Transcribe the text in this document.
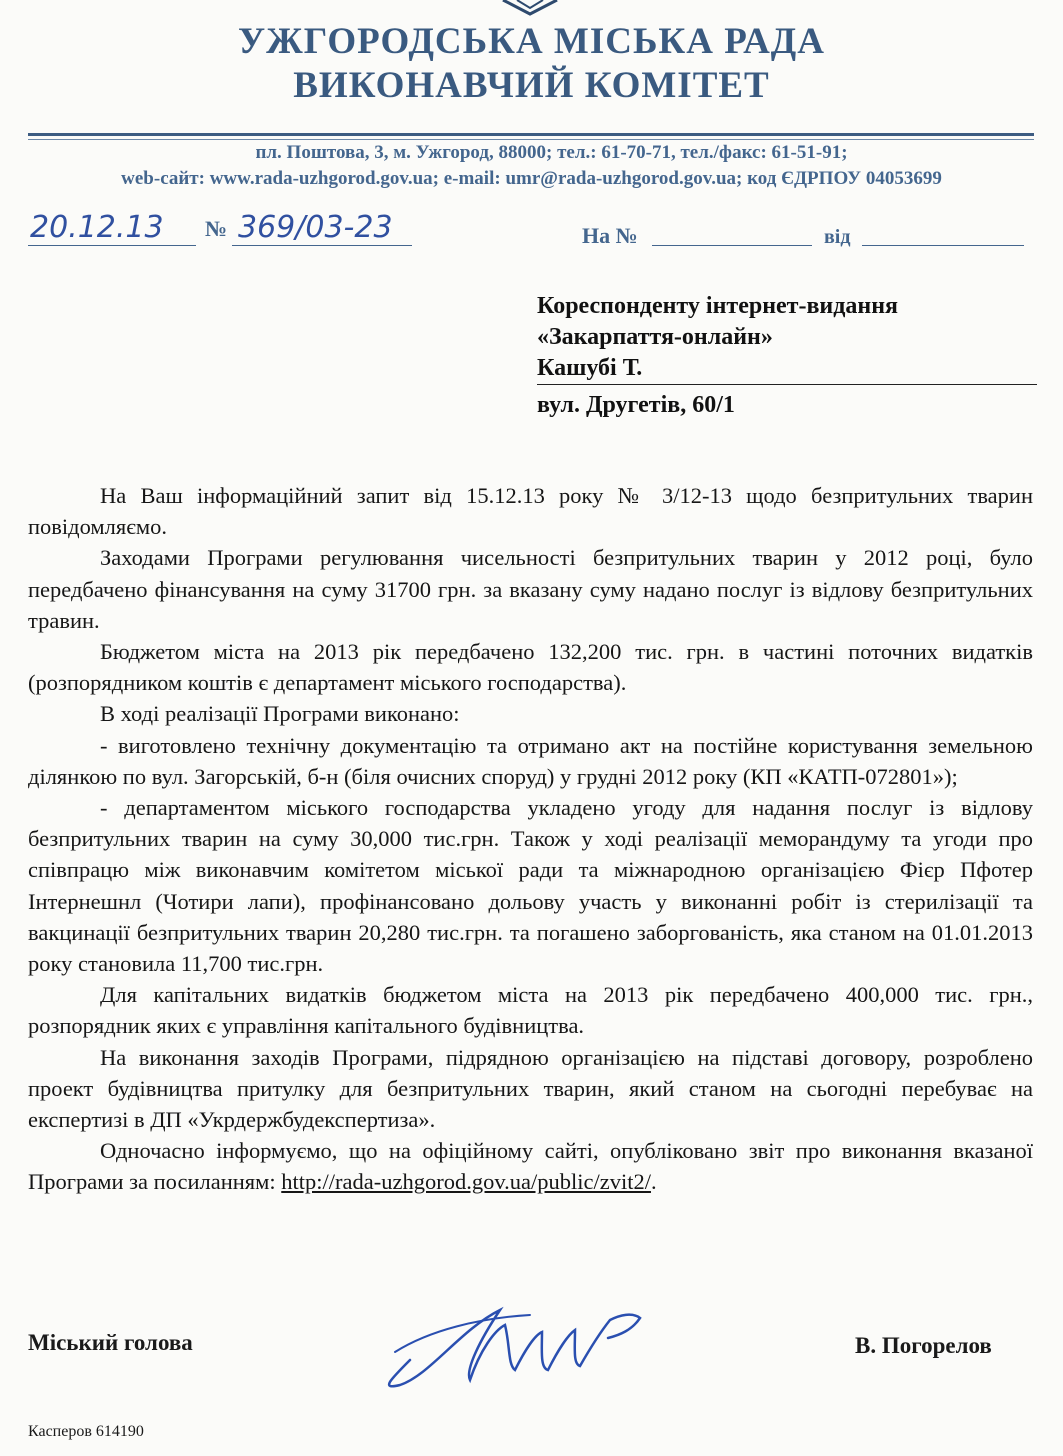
УЖГОРОДСЬКА МІСЬКА РАДА
ВИКОНАВЧИЙ КОМІТЕТ
пл. Поштова, 3, м. Ужгород, 88000; тел.: 61-70-71, тел./факс: 61-51-91;
web-сайт: www.rada-uzhgorod.gov.ua; e-mail: umr@rada-uzhgorod.gov.ua; код ЄДРПОУ 04053699
20.12.13 № 369/03-23	На №	від
Кореспонденту інтернет-видання
«Закарпаття-онлайн»
Кашубі Т.
вул. Другетів, 60/1

На Ваш інформаційний запит від 15.12.13 року № 3/12-13 щодо безпритульних тварин повідомляємо.

Заходами Програми регулювання чисельності безпритульних тварин у 2012 році, було передбачено фінансування на суму 31700 грн. за вказану суму надано послуг із відлову безпритульних травин.

Бюджетом міста на 2013 рік передбачено 132,200 тис. грн. в частині поточних видатків (розпорядником коштів є департамент міського господарства).

В ході реалізації Програми виконано:

- виготовлено технічну документацію та отримано акт на постійне користування земельною ділянкою по вул. Загорській, б-н (біля очисних споруд) у грудні 2012 року (КП «КАТП-072801»);

- департаментом міського господарства укладено угоду для надання послуг із відлову безпритульних тварин на суму 30,000 тис.грн. Також у ході реалізації меморандуму та угоди про співпрацю між виконавчим комітетом міської ради та міжнародною організацією Фієр Пфотер Інтернешнл (Чотири лапи), профінансовано дольову участь у виконанні робіт із стерилізації та вакцинації безпритульних тварин 20,280 тис.грн. та погашено заборгованість, яка станом на 01.01.2013 року становила 11,700 тис.грн.

Для капітальних видатків бюджетом міста на 2013 рік передбачено 400,000 тис. грн., розпорядник яких є управління капітального будівництва.

На виконання заходів Програми, підрядною організацією на підставі договору, розроблено проект будівництва притулку для безпритульних тварин, який станом на сьогодні перебуває на експертизі в ДП «Укрдержбудекспертиза».

Одночасно інформуємо, що на офіційному сайті, опубліковано звіт про виконання вказаної Програми за посиланням: http://rada-uzhgorod.gov.ua/public/zvit2/.

Міський голова	В. Погорелов
Касперов 614190
